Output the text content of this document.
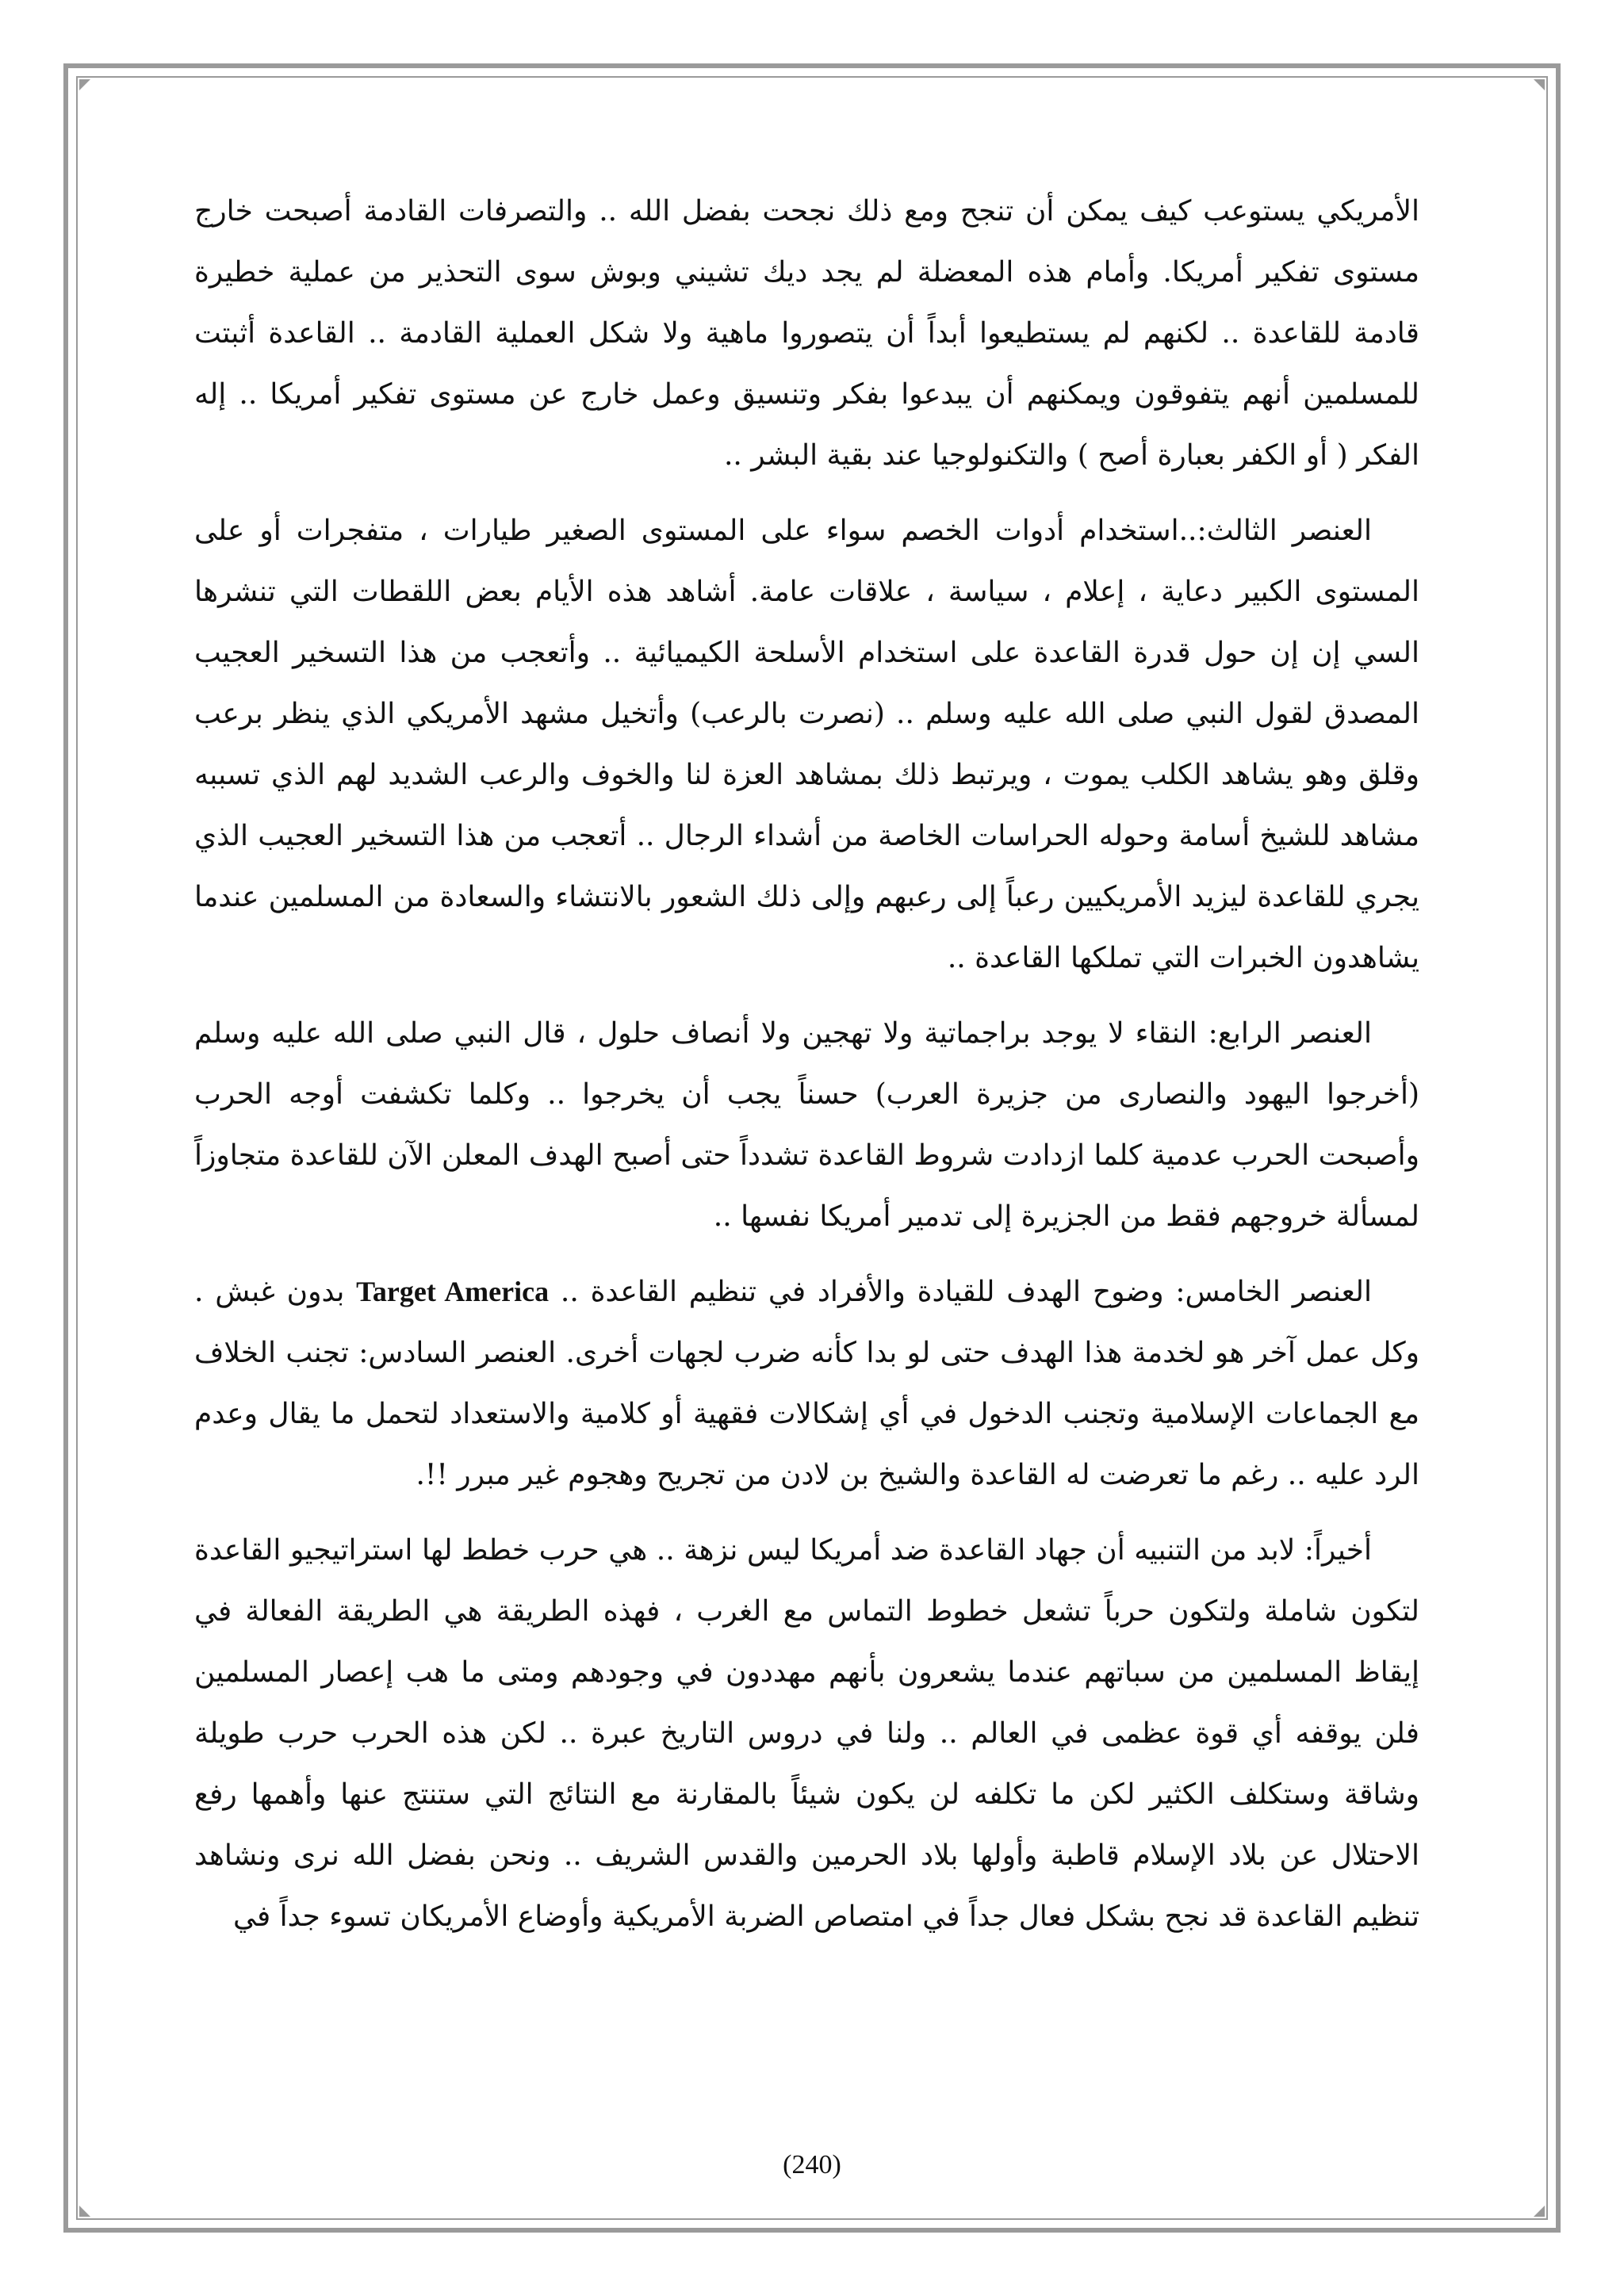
الأمريكي يستوعب كيف يمكن أن تنجح ومع ذلك نجحت بفضل الله .. والتصرفات القادمة أصبحت خارج مستوى تفكير أمريكا. وأمام هذه المعضلة لم يجد ديك تشيني وبوش سوى التحذير من عملية خطيرة قادمة للقاعدة .. لكنهم لم يستطيعوا أبداً أن يتصوروا ماهية ولا شكل العملية القادمة .. القاعدة أثبتت للمسلمين أنهم يتفوقون ويمكنهم أن يبدعوا بفكر وتنسيق وعمل خارج عن مستوى تفكير أمريكا .. إله الفكر ( أو الكفر بعبارة أصح ) والتكنولوجيا عند بقية البشر ..

العنصر الثالث:..استخدام أدوات الخصم سواء على المستوى الصغير طيارات ، متفجرات أو على المستوى الكبير دعاية ، إعلام ، سياسة ، علاقات عامة. أشاهد هذه الأيام بعض اللقطات التي تنشرها السي إن إن حول قدرة القاعدة على استخدام الأسلحة الكيميائية .. وأتعجب من هذا التسخير العجيب المصدق لقول النبي صلى الله عليه وسلم .. (نصرت بالرعب) وأتخيل مشهد الأمريكي الذي ينظر برعب وقلق وهو يشاهد الكلب يموت ، ويرتبط ذلك بمشاهد العزة لنا والخوف والرعب الشديد لهم الذي تسببه مشاهد للشيخ أسامة وحوله الحراسات الخاصة من أشداء الرجال .. أتعجب من هذا التسخير العجيب الذي يجري للقاعدة ليزيد الأمريكيين رعباً إلى رعبهم وإلى ذلك الشعور بالانتشاء والسعادة من المسلمين عندما يشاهدون الخبرات التي تملكها القاعدة ..

العنصر الرابع: النقاء لا يوجد براجماتية ولا تهجين ولا أنصاف حلول ، قال النبي صلى الله عليه وسلم (أخرجوا اليهود والنصارى من جزيرة العرب) حسناً يجب أن يخرجوا .. وكلما تكشفت أوجه الحرب وأصبحت الحرب عدمية كلما ازدادت شروط القاعدة تشدداً حتى أصبح الهدف المعلن الآن للقاعدة متجاوزاً لمسألة خروجهم فقط من الجزيرة إلى تدمير أمريكا نفسها ..

العنصر الخامس: وضوح الهدف للقيادة والأفراد في تنظيم القاعدة .. Target America بدون غبش . وكل عمل آخر هو لخدمة هذا الهدف حتى لو بدا كأنه ضرب لجهات أخرى. العنصر السادس: تجنب الخلاف مع الجماعات الإسلامية وتجنب الدخول في أي إشكالات فقهية أو كلامية والاستعداد لتحمل ما يقال وعدم الرد عليه .. رغم ما تعرضت له القاعدة والشيخ بن لادن من تجريح وهجوم غير مبرر !!.

أخيراً: لابد من التنبيه أن جهاد القاعدة ضد أمريكا ليس نزهة .. هي حرب خطط لها استراتيجيو القاعدة لتكون شاملة ولتكون حرباً تشعل خطوط التماس مع الغرب ، فهذه الطريقة هي الطريقة الفعالة في إيقاظ المسلمين من سباتهم عندما يشعرون بأنهم مهددون في وجودهم ومتى ما هب إعصار المسلمين فلن يوقفه أي قوة عظمى في العالم .. ولنا في دروس التاريخ عبرة .. لكن هذه الحرب حرب طويلة وشاقة وستكلف الكثير لكن ما تكلفه لن يكون شيئاً بالمقارنة مع النتائج التي ستنتج عنها وأهمها رفع الاحتلال عن بلاد الإسلام قاطبة وأولها بلاد الحرمين والقدس الشريف .. ونحن بفضل الله نرى ونشاهد تنظيم القاعدة قد نجح بشكل فعال جداً في امتصاص الضربة الأمريكية وأوضاع الأمريكان تسوء جداً في

(240)
